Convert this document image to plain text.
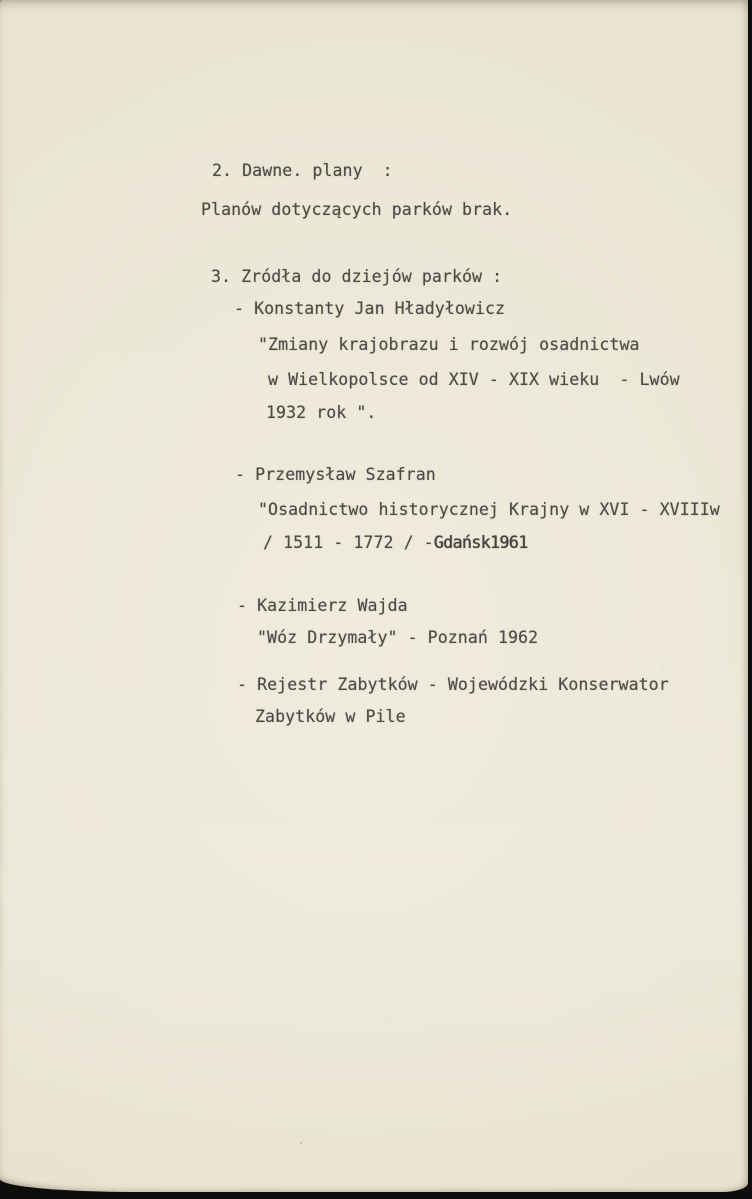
2. Dawne. plany  :
Planów dotyczących parków brak.
3. Zródła do dziejów parków :
- Konstanty Jan Hładyłowicz
"Zmiany krajobrazu i rozwój osadnictwa
w Wielkopolsce od XIV - XIX wieku  - Lwów
1932 rok ".
- Przemysław Szafran
"Osadnictwo historycznej Krajny w XVI - XVIIIw
/ 1511 - 1772 / -Gdańsk1961
- Kazimierz Wajda
"Wóz Drzymały" - Poznań 1962
- Rejestr Zabytków - Wojewódzki Konserwator
Zabytków w Pile
